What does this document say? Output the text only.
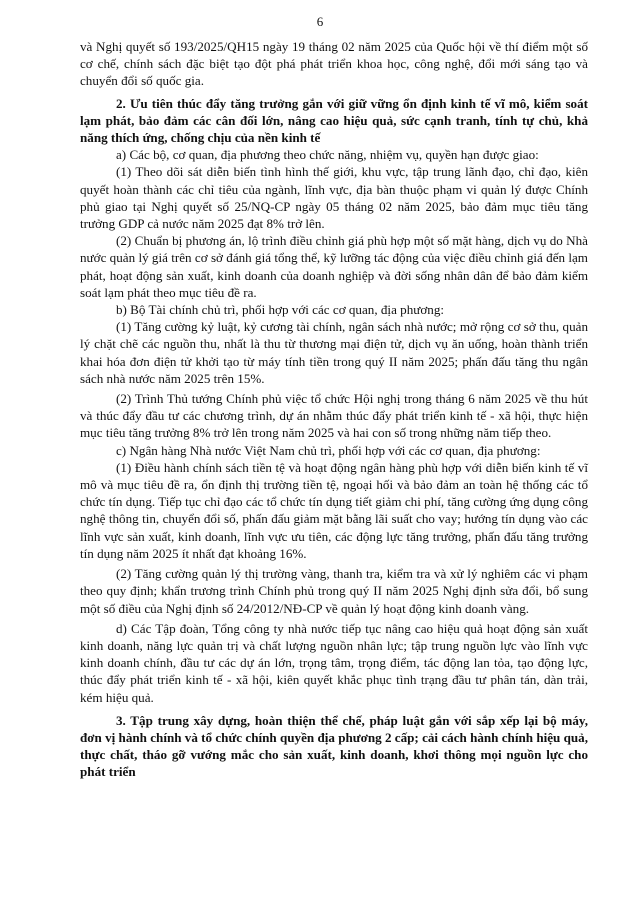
6

và Nghị quyết số 193/2025/QH15 ngày 19 tháng 02 năm 2025 của Quốc hội về thí điểm một số cơ chế, chính sách đặc biệt tạo đột phá phát triển khoa học, công nghệ, đổi mới sáng tạo và chuyển đổi số quốc gia.

2. Ưu tiên thúc đẩy tăng trưởng gắn với giữ vững ổn định kinh tế vĩ mô, kiểm soát lạm phát, bảo đảm các cân đối lớn, nâng cao hiệu quả, sức cạnh tranh, tính tự chủ, khả năng thích ứng, chống chịu của nền kinh tế

a) Các bộ, cơ quan, địa phương theo chức năng, nhiệm vụ, quyền hạn được giao:

(1) Theo dõi sát diễn biến tình hình thế giới, khu vực, tập trung lãnh đạo, chỉ đạo, kiên quyết hoàn thành các chỉ tiêu của ngành, lĩnh vực, địa bàn thuộc phạm vi quản lý được Chính phủ giao tại Nghị quyết số 25/NQ-CP ngày 05 tháng 02 năm 2025, bảo đảm mục tiêu tăng trưởng GDP cả nước năm 2025 đạt 8% trở lên.

(2) Chuẩn bị phương án, lộ trình điều chỉnh giá phù hợp một số mặt hàng, dịch vụ do Nhà nước quản lý giá trên cơ sở đánh giá tổng thể, kỹ lưỡng tác động của việc điều chỉnh giá đến lạm phát, hoạt động sản xuất, kinh doanh của doanh nghiệp và đời sống nhân dân để bảo đảm kiểm soát lạm phát theo mục tiêu đề ra.

b) Bộ Tài chính chủ trì, phối hợp với các cơ quan, địa phương:

(1) Tăng cường kỷ luật, kỷ cương tài chính, ngân sách nhà nước; mở rộng cơ sở thu, quản lý chặt chẽ các nguồn thu, nhất là thu từ thương mại điện tử, dịch vụ ăn uống, hoàn thành triển khai hóa đơn điện tử khởi tạo từ máy tính tiền trong quý II năm 2025; phấn đấu tăng thu ngân sách nhà nước năm 2025 trên 15%.

(2) Trình Thủ tướng Chính phủ việc tổ chức Hội nghị trong tháng 6 năm 2025 về thu hút và thúc đẩy đầu tư các chương trình, dự án nhằm thúc đẩy phát triển kinh tế - xã hội, thực hiện mục tiêu tăng trưởng 8% trở lên trong năm 2025 và hai con số trong những năm tiếp theo.

c) Ngân hàng Nhà nước Việt Nam chủ trì, phối hợp với các cơ quan, địa phương:

(1) Điều hành chính sách tiền tệ và hoạt động ngân hàng phù hợp với diễn biến kinh tế vĩ mô và mục tiêu đề ra, ổn định thị trường tiền tệ, ngoại hối và bảo đảm an toàn hệ thống các tổ chức tín dụng. Tiếp tục chỉ đạo các tổ chức tín dụng tiết giảm chi phí, tăng cường ứng dụng công nghệ thông tin, chuyển đổi số, phấn đấu giảm mặt bằng lãi suất cho vay; hướng tín dụng vào các lĩnh vực sản xuất, kinh doanh, lĩnh vực ưu tiên, các động lực tăng trưởng, phấn đấu tăng trưởng tín dụng năm 2025 ít nhất đạt khoảng 16%.

(2) Tăng cường quản lý thị trường vàng, thanh tra, kiểm tra và xử lý nghiêm các vi phạm theo quy định; khẩn trương trình Chính phủ trong quý II năm 2025 Nghị định sửa đổi, bổ sung một số điều của Nghị định số 24/2012/NĐ-CP về quản lý hoạt động kinh doanh vàng.

d) Các Tập đoàn, Tổng công ty nhà nước tiếp tục nâng cao hiệu quả hoạt động sản xuất kinh doanh, năng lực quản trị và chất lượng nguồn nhân lực; tập trung nguồn lực vào lĩnh vực kinh doanh chính, đầu tư các dự án lớn, trọng tâm, trọng điểm, tác động lan tỏa, tạo động lực, thúc đẩy phát triển kinh tế - xã hội, kiên quyết khắc phục tình trạng đầu tư phân tán, dàn trải, kém hiệu quả.

3. Tập trung xây dựng, hoàn thiện thể chế, pháp luật gắn với sắp xếp lại bộ máy, đơn vị hành chính và tổ chức chính quyền địa phương 2 cấp; cải cách hành chính hiệu quả, thực chất, tháo gỡ vướng mắc cho sản xuất, kinh doanh, khơi thông mọi nguồn lực cho phát triển
